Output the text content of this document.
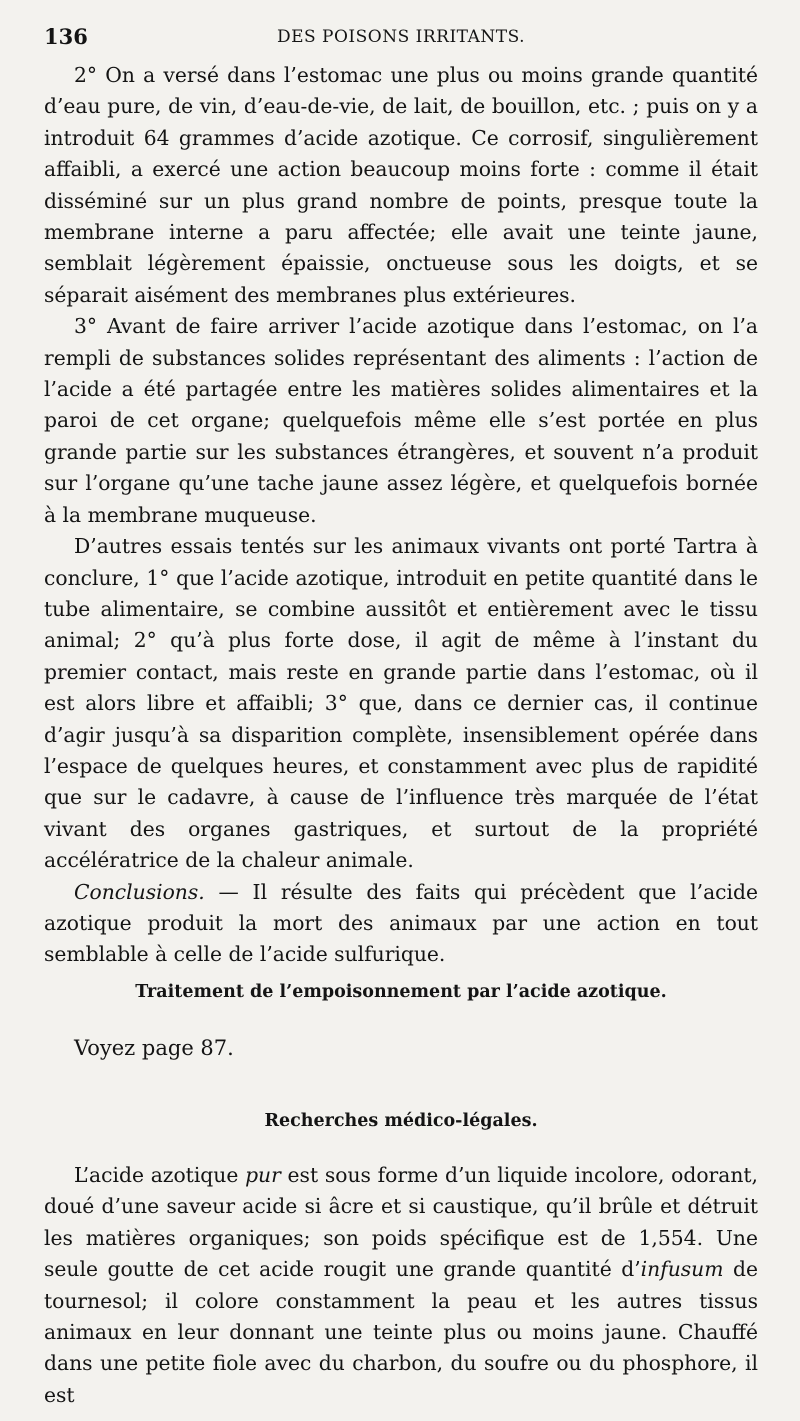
136	DES POISONS IRRITANTS.

2° On a versé dans l’estomac une plus ou moins grande quantité d’eau pure, de vin, d’eau-de-vie, de lait, de bouillon, etc. ; puis on y a introduit 64 grammes d’acide azotique. Ce corrosif, singulièrement affaibli, a exercé une action beaucoup moins forte : comme il était disséminé sur un plus grand nombre de points, presque toute la membrane interne a paru affectée; elle avait une teinte jaune, semblait légèrement épaissie, onctueuse sous les doigts, et se séparait aisément des membranes plus extérieures.

3° Avant de faire arriver l’acide azotique dans l’estomac, on l’a rempli de substances solides représentant des aliments : l’action de l’acide a été partagée entre les matières solides alimentaires et la paroi de cet organe; quelquefois même elle s’est portée en plus grande partie sur les substances étrangères, et souvent n’a produit sur l’organe qu’une tache jaune assez légère, et quelquefois bornée à la membrane muqueuse.

D’autres essais tentés sur les animaux vivants ont porté Tartra à conclure, 1° que l’acide azotique, introduit en petite quantité dans le tube alimentaire, se combine aussitôt et entièrement avec le tissu animal; 2° qu’à plus forte dose, il agit de même à l’instant du premier contact, mais reste en grande partie dans l’estomac, où il est alors libre et affaibli; 3° que, dans ce dernier cas, il continue d’agir jusqu’à sa disparition complète, insensiblement opérée dans l’espace de quelques heures, et constamment avec plus de rapidité que sur le cadavre, à cause de l’influence très marquée de l’état vivant des organes gastriques, et surtout de la propriété accélératrice de la chaleur animale.

Conclusions. — Il résulte des faits qui précèdent que l’acide azotique produit la mort des animaux par une action en tout semblable à celle de l’acide sulfurique.

Traitement de l’empoisonnement par l’acide azotique.
Voyez page 87.
Recherches médico-légales.

L’acide azotique pur est sous forme d’un liquide incolore, odorant, doué d’une saveur acide si âcre et si caustique, qu’il brûle et détruit les matières organiques; son poids spécifique est de 1,554. Une seule goutte de cet acide rougit une grande quantité d’infusum de tournesol; il colore constamment la peau et les autres tissus animaux en leur donnant une teinte plus ou moins jaune. Chauffé dans une petite fiole avec du charbon, du soufre ou du phosphore, il est
